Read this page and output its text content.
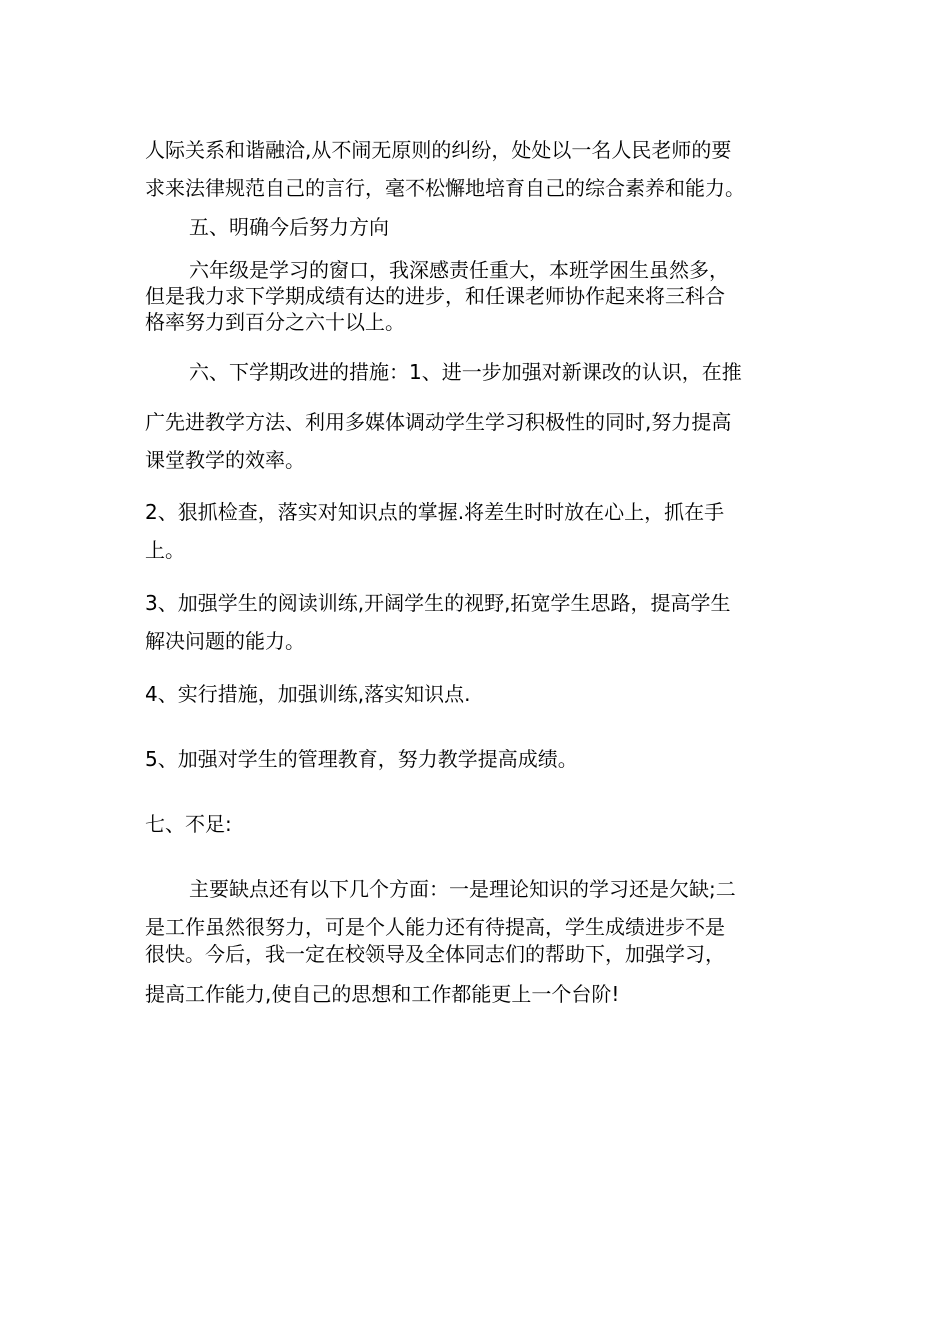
人际关系和谐融洽,从不闹无原则的纠纷，处处以一名人民老师的要
求来法律规范自己的言行，毫不松懈地培育自己的综合素养和能力。
五、明确今后努力方向
六年级是学习的窗口，我深感责任重大，本班学困生虽然多，
但是我力求下学期成绩有达的进步，和任课老师协作起来将三科合
格率努力到百分之六十以上。
六、下学期改进的措施：1、进一步加强对新课改的认识，在推
广先进教学方法、利用多媒体调动学生学习积极性的同时,努力提高
课堂教学的效率。
2、狠抓检查，落实对知识点的掌握.将差生时时放在心上，抓在手
上。
3、加强学生的阅读训练,开阔学生的视野,拓宽学生思路，提高学生
解决问题的能力。
4、实行措施，加强训练,落实知识点.
5、加强对学生的管理教育，努力教学提高成绩。
七、不足:
主要缺点还有以下几个方面：一是理论知识的学习还是欠缺;二
是工作虽然很努力，可是个人能力还有待提高，学生成绩进步不是
很快。今后，我一定在校领导及全体同志们的帮助下，加强学习，
提高工作能力,使自己的思想和工作都能更上一个台阶!
